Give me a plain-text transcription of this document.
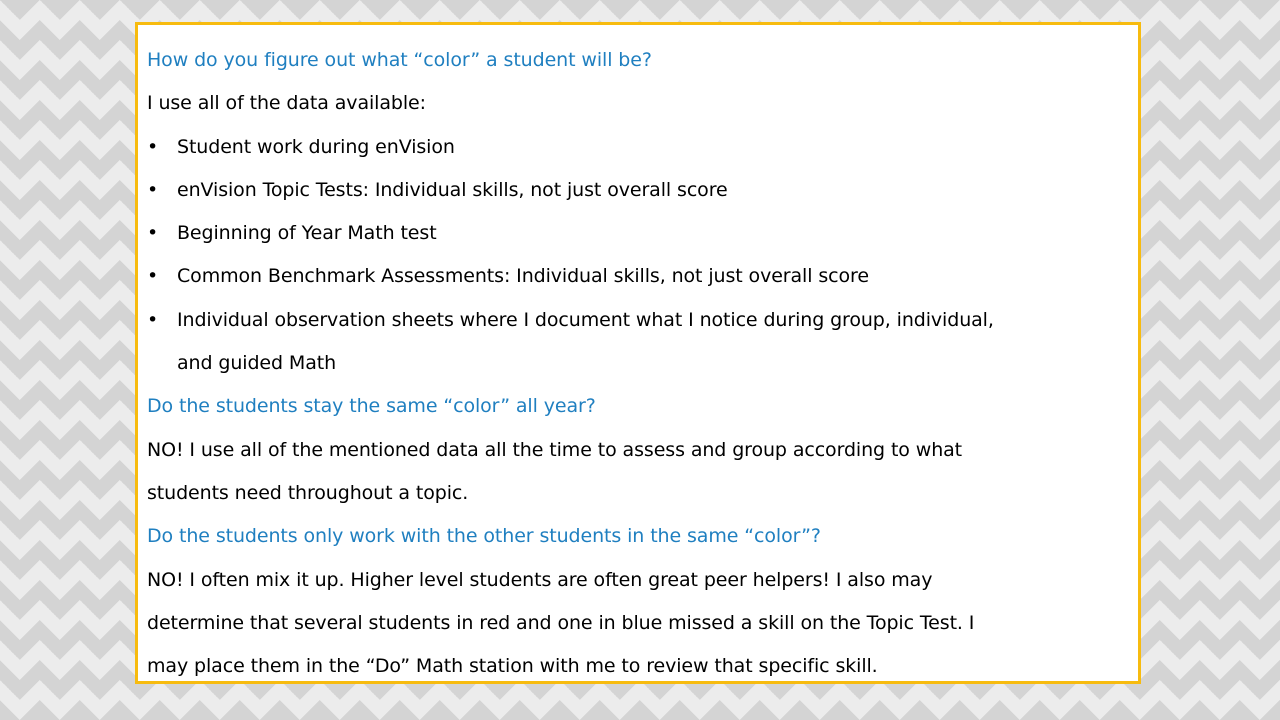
How do you figure out what “color” a student will be?
I use all of the data available:
• Student work during enVision
• enVision Topic Tests: Individual skills, not just overall score
• Beginning of Year Math test
• Common Benchmark Assessments: Individual skills, not just overall score
• Individual observation sheets where I document what I notice during group, individual,
and guided Math
Do the students stay the same “color” all year?
NO! I use all of the mentioned data all the time to assess and group according to what
students need throughout a topic.
Do the students only work with the other students in the same “color”?
NO! I often mix it up. Higher level students are often great peer helpers! I also may
determine that several students in red and one in blue missed a skill on the Topic Test. I
may place them in the “Do” Math station with me to review that specific skill.
